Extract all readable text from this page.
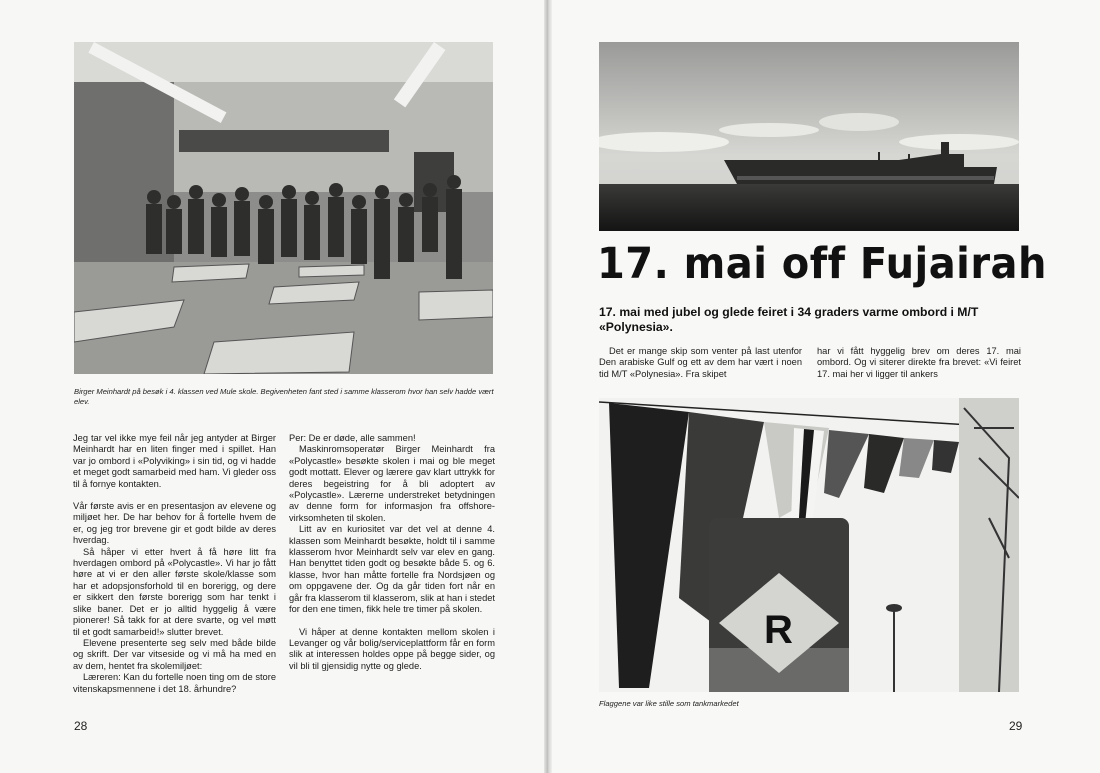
Birger Meinhardt på besøk i 4. klassen ved Mule skole. Begivenheten fant sted i samme klasserom hvor han selv hadde vært elev.

Jeg tar vel ikke mye feil når jeg antyder at Birger Meinhardt har en liten finger med i spillet. Han var jo ombord i «Polyviking» i sin tid, og vi hadde et meget godt samarbeid med ham. Vi gleder oss til å fornye kontakten.

Vår første avis er en presentasjon av elevene og miljøet her. De har behov for å fortelle hvem de er, og jeg tror brevene gir et godt bilde av deres hverdag.

Så håper vi etter hvert å få høre litt fra hverdagen ombord på «Polycastle». Vi har jo fått høre at vi er den aller første skole/klasse som har et adopsjonsforhold til en borerigg, og dere er sikkert den første borerigg som har tenkt i slike baner. Det er jo alltid hyggelig å være pionerer! Så takk for at dere svarte, og vel møtt til et godt samarbeid!» slutter brevet.

Elevene presenterte seg selv med både bilde og skrift. Der var vitseside og vi må ha med en av dem, hentet fra skolemiljøet:

Læreren: Kan du fortelle noen ting om de store vitenskapsmennene i det 18. århundre?

Per: De er døde, alle sammen!

Maskinromsoperatør Birger Meinhardt fra «Polycastle» besøkte skolen i mai og ble meget godt mottatt. Elever og lærere gav klart uttrykk for deres begeistring for å bli adoptert av «Polycastle». Lærerne understreket betydningen av denne form for informasjon fra offshore-virksomheten til skolen.

Litt av en kuriositet var det vel at denne 4. klassen som Meinhardt besøkte, holdt til i samme klasserom hvor Meinhardt selv var elev en gang. Han benyttet tiden godt og besøkte både 5. og 6. klasse, hvor han måtte fortelle fra Nordsjøen og om oppgavene der. Og da går tiden fort når en går fra klasserom til klasserom, slik at han i stedet for den ene timen, fikk hele tre timer på skolen.

Vi håper at denne kontakten mellom skolen i Levanger og vår bolig/serviceplattform får en form slik at interessen holdes oppe på begge sider, og vil bli til gjensidig nytte og glede.

28
17. mai off Fujairah
17. mai med jubel og glede feiret i 34 graders varme ombord i M/T «Polynesia».

Det er mange skip som venter på last utenfor Den arabiske Gulf og ett av dem har vært i noen tid M/T «Polynesia». Fra skipet

har vi fått hyggelig brev om deres 17. mai ombord. Og vi siterer direkte fra brevet: «Vi feiret 17. mai her vi ligger til ankers

R
Flaggene var like stille som tankmarkedet
29
